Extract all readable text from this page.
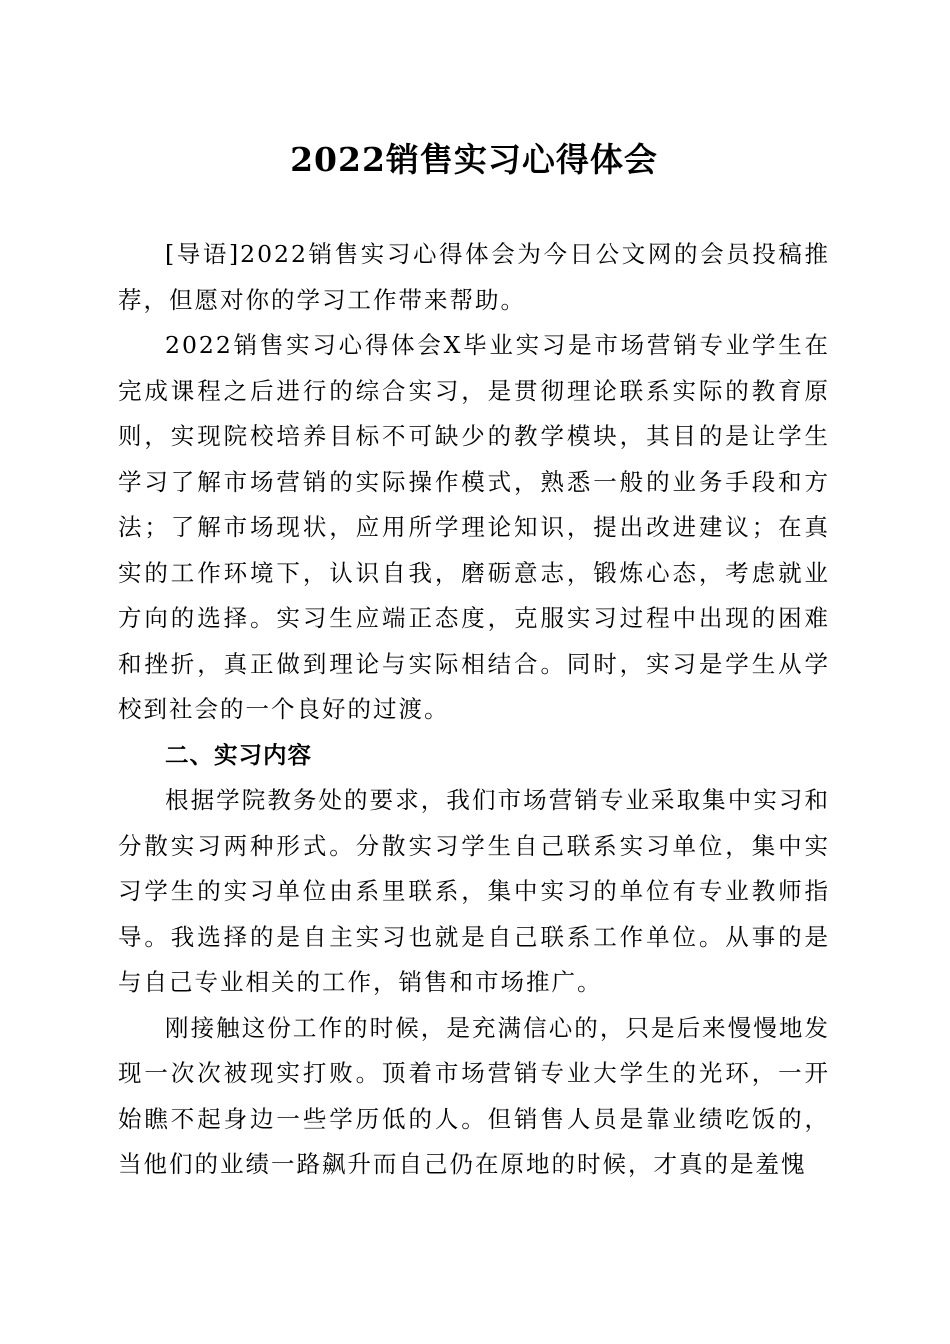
2022销售实习心得体会

[导语]2022销售实习心得体会为今日公文网的会员投稿推荐，但愿对你的学习工作带来帮助。

2022销售实习心得体会X毕业实习是市场营销专业学生在完成课程之后进行的综合实习，是贯彻理论联系实际的教育原则，实现院校培养目标不可缺少的教学模块，其目的是让学生学习了解市场营销的实际操作模式，熟悉一般的业务手段和方法；了解市场现状，应用所学理论知识，提出改进建议；在真实的工作环境下，认识自我，磨砺意志，锻炼心态，考虑就业方向的选择。实习生应端正态度，克服实习过程中出现的困难和挫折，真正做到理论与实际相结合。同时，实习是学生从学校到社会的一个良好的过渡。

二、实习内容

根据学院教务处的要求，我们市场营销专业采取集中实习和分散实习两种形式。分散实习学生自己联系实习单位，集中实习学生的实习单位由系里联系，集中实习的单位有专业教师指导。我选择的是自主实习也就是自己联系工作单位。从事的是与自己专业相关的工作，销售和市场推广。

刚接触这份工作的时候，是充满信心的，只是后来慢慢地发现一次次被现实打败。顶着市场营销专业大学生的光环，一开始瞧不起身边一些学历低的人。但销售人员是靠业绩吃饭的，当他们的业绩一路飙升而自己仍在原地的时候，才真的是羞愧
